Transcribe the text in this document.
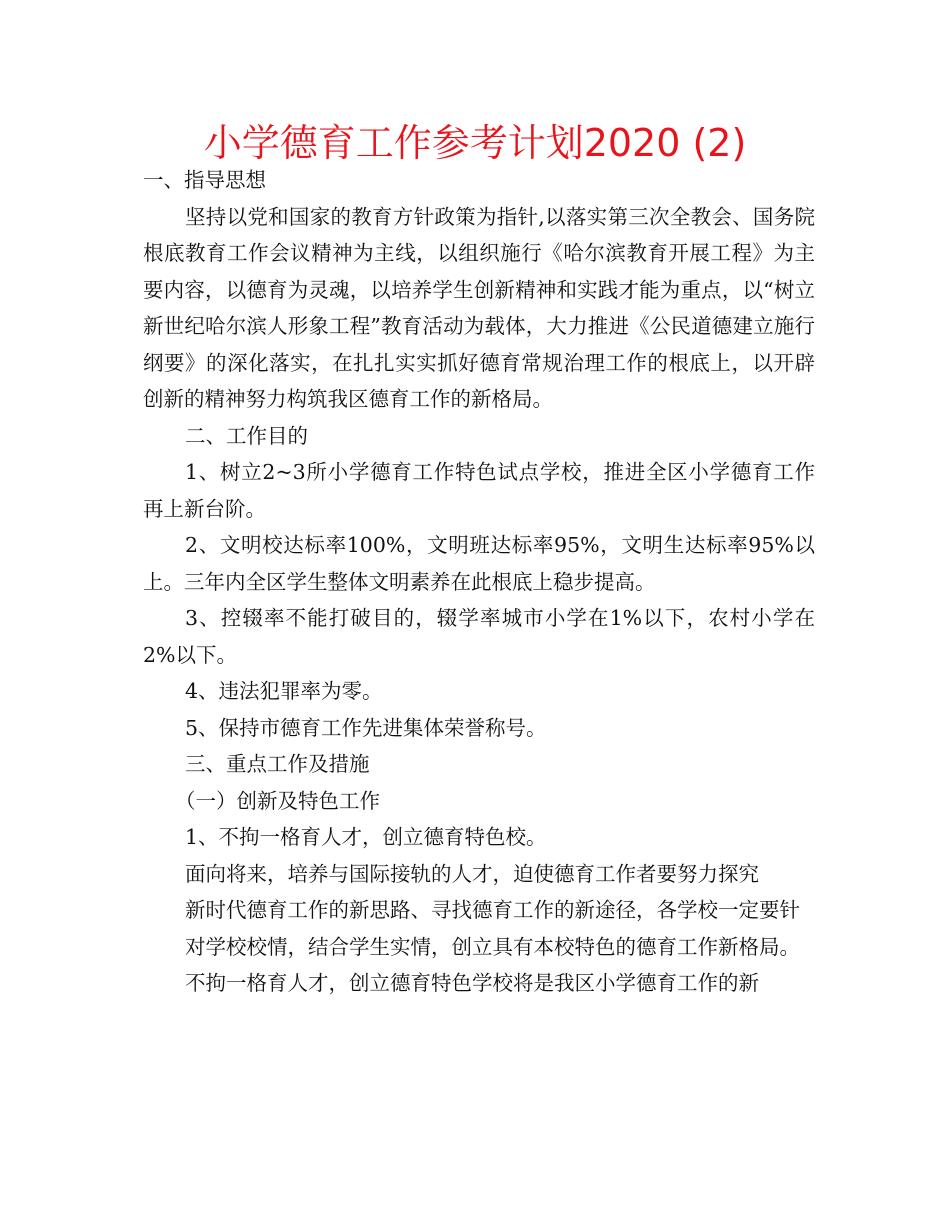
小学德育工作参考计划2020 (2)

一、指导思想

坚持以党和国家的教育方针政策为指针,以落实第三次全教会、国务院根底教育工作会议精神为主线，以组织施行《哈尔滨教育开展工程》为主要内容，以德育为灵魂，以培养学生创新精神和实践才能为重点，以“树立新世纪哈尔滨人形象工程”教育活动为载体，大力推进《公民道德建立施行纲要》的深化落实，在扎扎实实抓好德育常规治理工作的根底上，以开辟创新的精神努力构筑我区德育工作的新格局。

二、工作目的

1、树立2~3所小学德育工作特色试点学校，推进全区小学德育工作再上新台阶。

2、文明校达标率100%，文明班达标率95%，文明生达标率95%以上。三年内全区学生整体文明素养在此根底上稳步提高。

3、控辍率不能打破目的，辍学率城市小学在1%以下，农村小学在2%以下。

4、违法犯罪率为零。

5、保持市德育工作先进集体荣誉称号。

三、重点工作及措施

（一）创新及特色工作

1、不拘一格育人才，创立德育特色校。

面向将来，培养与国际接轨的人才，迫使德育工作者要努力探究

新时代德育工作的新思路、寻找德育工作的新途径，各学校一定要针

对学校校情，结合学生实情，创立具有本校特色的德育工作新格局。

不拘一格育人才，创立德育特色学校将是我区小学德育工作的新
